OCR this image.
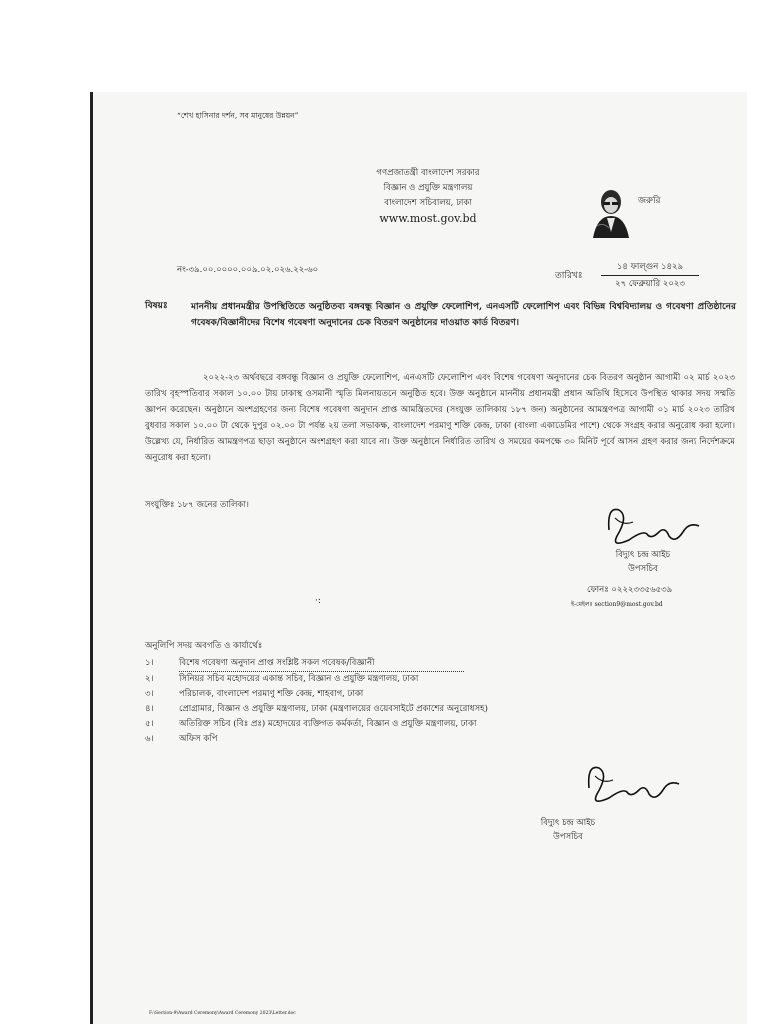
“শেখ হাসিনার দর্শন, সব মানুষের উন্নয়ন”
গণপ্রজাতন্ত্রী বাংলাদেশ সরকার
বিজ্ঞান ও প্রযুক্তি মন্ত্রণালয়
বাংলাদেশ সচিবালয়, ঢাকা
www.most.gov.bd
জরুরি
নং-৩৯.০০.০০০০.০০৯.০২.০২৬.২২-৬০
তারিখঃ
১৪ ফাল্গুন ১৪২৯
২৭ ফেব্রুয়ারি ২০২৩
বিষয়ঃ	মাননীয় প্রধানমন্ত্রীর উপস্থিতিতে অনুষ্ঠিতব্য বঙ্গবন্ধু বিজ্ঞান ও প্রযুক্তি ফেলোশিপ, এনএসটি ফেলোশিপ এবং বিভিন্ন বিশ্ববিদ্যালয় ও গবেষণা প্রতিষ্ঠানের গবেষক/বিজ্ঞানীদের বিশেষ গবেষণা অনুদানের চেক বিতরণ অনুষ্ঠানের দাওয়াত কার্ড বিতরণ।
২০২২-২৩ অর্থবছরে বঙ্গবন্ধু বিজ্ঞান ও প্রযুক্তি ফেলোশিপ, এনএসটি ফেলোশিপ এবং বিশেষ গবেষণা অনুদানের চেক বিতরণ অনুষ্ঠান আগামী ০২ মার্চ ২০২৩ তারিখ বৃহস্পতিবার সকাল ১০.০০ টায় ঢাকাস্থ ওসমানী স্মৃতি মিলনায়তনে অনুষ্ঠিত হবে। উক্ত অনুষ্ঠানে মাননীয় প্রধানমন্ত্রী প্রধান অতিথি হিসেবে উপস্থিত থাকার সদয় সম্মতি জ্ঞাপন করেছেন। অনুষ্ঠানে অংশগ্রহণের জন্য বিশেষ গবেষণা অনুদান প্রাপ্ত আমন্ত্রিতদের (সংযুক্ত তালিকায় ১৮৭ জন) অনুষ্ঠানের আমন্ত্রণপত্র আগামী ০১ মার্চ ২০২৩ তারিখ বুধবার সকাল ১০.০০ টা থেকে দুপুর ০২.০০ টা পর্যন্ত ২য় তলা সভাকক্ষ, বাংলাদেশ পরমাণু শক্তি কেন্দ্র, ঢাকা (বাংলা একাডেমির পাশে) থেকে সংগ্রহ করার অনুরোধ করা হলো। উল্লেখ্য যে, নির্ধারিত আমন্ত্রণপত্র ছাড়া অনুষ্ঠানে অংশগ্রহণ করা যাবে না। উক্ত অনুষ্ঠানে নির্ধারিত তারিখ ও সময়ের কমপক্ষে ৩০ মিনিট পূর্বে আসন গ্রহণ করার জন্য নির্দেশক্রমে অনুরোধ করা হলো।
সংযুক্তিঃ ১৮৭ জনের তালিকা।
বিদ্যুৎ চন্দ্র আইচ
উপসচিব
ফোনঃ ০২২২৩৩৫৬৫৩৯
ই-মেইলঃ section9@most.gov.bd
·:
অনুলিপি সদয় অবগতি ও কার্যার্থেঃ
১।	বিশেষ গবেষণা অনুদান প্রাপ্ত সংশ্লিষ্ট সকল গবেষক/বিজ্ঞানী
২।	সিনিয়র সচিব মহোদয়ের একান্ত সচিব, বিজ্ঞান ও প্রযুক্তি মন্ত্রণালয়, ঢাকা
৩।	পরিচালক, বাংলাদেশ পরমাণু শক্তি কেন্দ্র, শাহবাগ, ঢাকা
৪।	প্রোগ্রামার, বিজ্ঞান ও প্রযুক্তি মন্ত্রণালয়, ঢাকা (মন্ত্রণালয়ের ওয়েবসাইটে প্রকাশের অনুরোধসহ)
৫।	অতিরিক্ত সচিব (বিঃ প্রঃ) মহোদয়ের ব্যক্তিগত কর্মকর্তা, বিজ্ঞান ও প্রযুক্তি মন্ত্রণালয়, ঢাকা
৬।	অফিস কপি
বিদ্যুৎ চন্দ্র আইচ
উপসচিব
F:\Section-9\Award Ceremony\Award Ceremony 2023\Letter.doc
